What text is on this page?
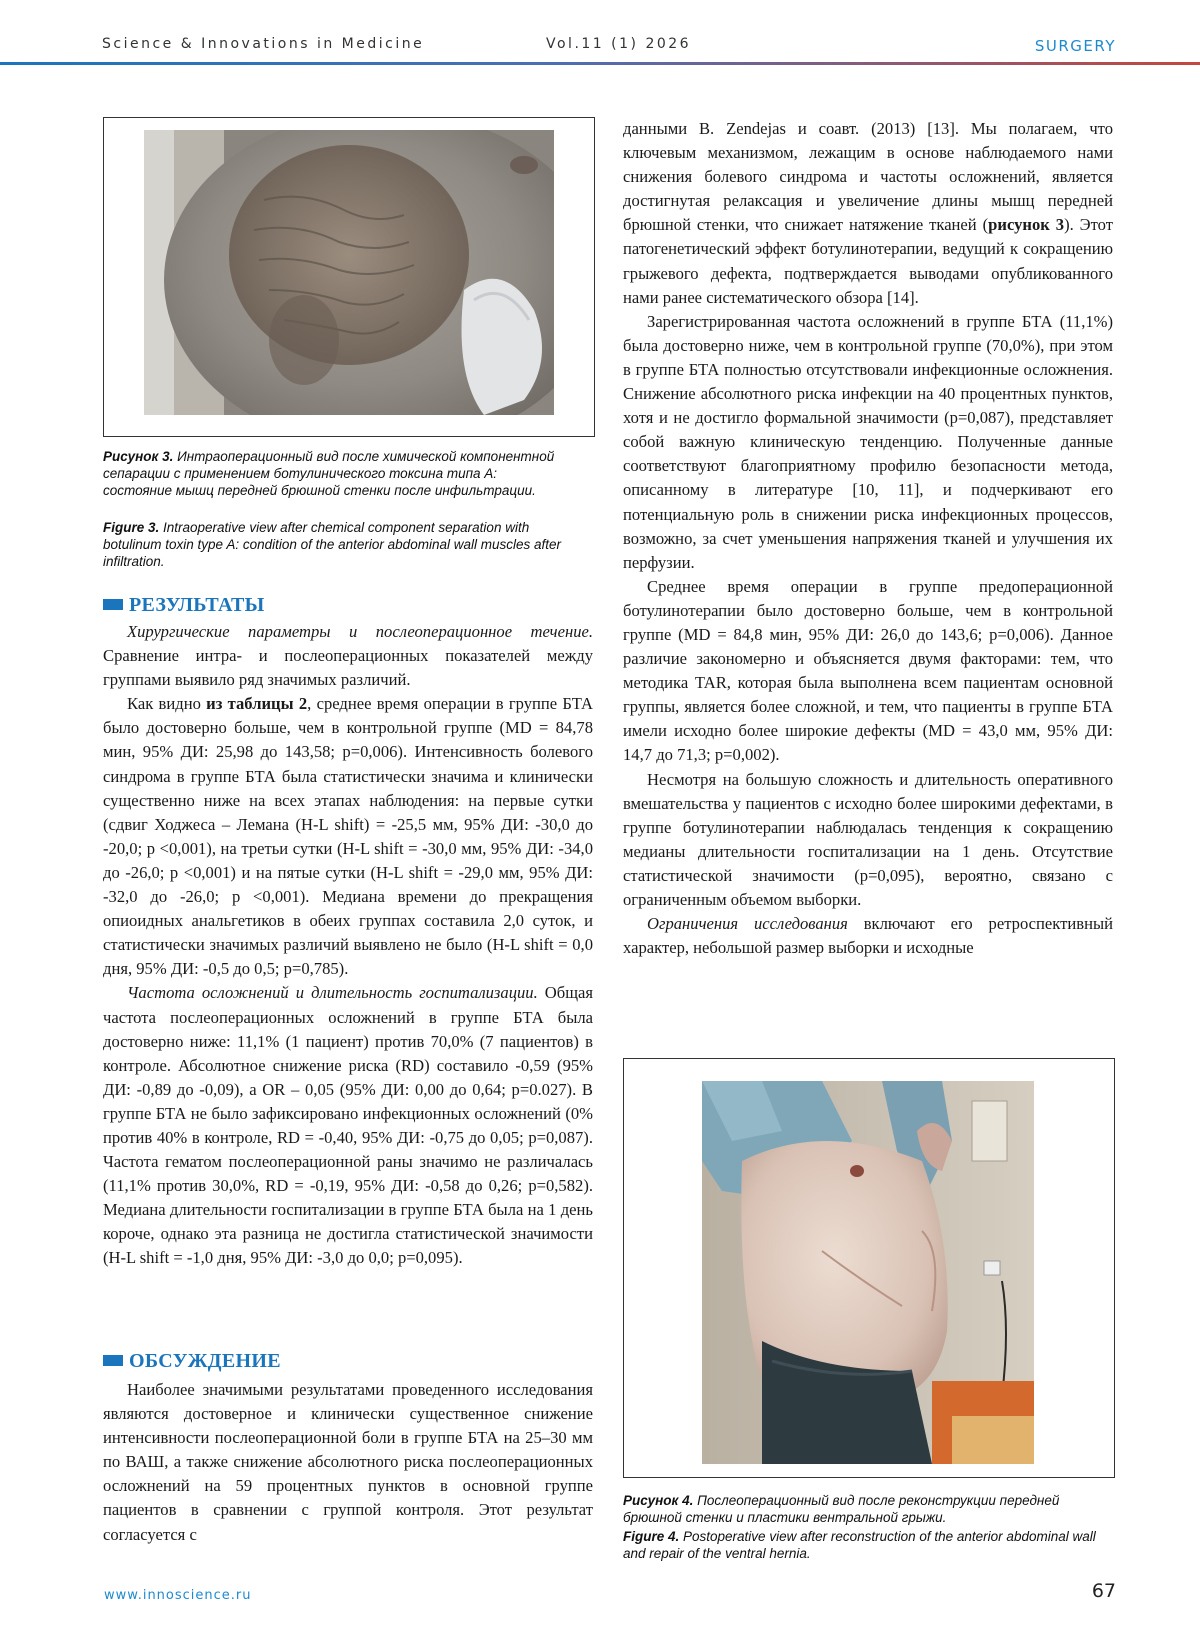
Science & Innovations in Medicine	Vol.11 (1) 2026	SURGERY
Рисунок 3. Интраоперационный вид после химической компонентной сепарации с применением ботулинического токсина типа А: состояние мышц передней брюшной стенки после инфильтрации.
Figure 3. Intraoperative view after chemical component separation with botulinum toxin type A: condition of the anterior abdominal wall muscles after infiltration.
РЕЗУЛЬТАТЫ

Хирургические параметры и послеоперационное течение. Сравнение интра- и послеоперационных показателей между группами выявило ряд значимых различий.

Как видно из таблицы 2, среднее время операции в группе БТА было достоверно больше, чем в контрольной группе (MD = 84,78 мин, 95% ДИ: 25,98 до 143,58; p=0,006). Интенсивность болевого синдрома в группе БТА была статистически значима и клинически существенно ниже на всех этапах наблюдения: на первые сутки (сдвиг Ходжеса – Лемана (H-L shift) = -25,5 мм, 95% ДИ: -30,0 до -20,0; p <0,001), на третьи сутки (H-L shift = -30,0 мм, 95% ДИ: -34,0 до -26,0; p <0,001) и на пятые сутки (H-L shift = -29,0 мм, 95% ДИ: -32,0 до -26,0; p <0,001). Медиана времени до прекращения опиоидных анальгетиков в обеих группах составила 2,0 суток, и статистически значимых различий выявлено не было (H-L shift = 0,0 дня, 95% ДИ: -0,5 до 0,5; p=0,785).

Частота осложнений и длительность госпитализации. Общая частота послеоперационных осложнений в группе БТА была достоверно ниже: 11,1% (1 пациент) против 70,0% (7 пациентов) в контроле. Абсолютное снижение риска (RD) составило -0,59 (95% ДИ: -0,89 до -0,09), а OR – 0,05 (95% ДИ: 0,00 до 0,64; p=0.027). В группе БТА не было зафиксировано инфекционных осложнений (0% против 40% в контроле, RD = -0,40, 95% ДИ: -0,75 до 0,05; p=0,087). Частота гематом послеоперационной раны значимо не различалась (11,1% против 30,0%, RD = -0,19, 95% ДИ: -0,58 до 0,26; p=0,582). Медиана длительности госпитализации в группе БТА была на 1 день короче, однако эта разница не достигла статистической значимости (H-L shift = -1,0 дня, 95% ДИ: -3,0 до 0,0; p=0,095).

ОБСУЖДЕНИЕ

Наиболее значимыми результатами проведенного исследования являются достоверное и клинически существенное снижение интенсивности послеоперационной боли в группе БТА на 25–30 мм по ВАШ, а также снижение абсолютного риска послеоперационных осложнений на 59 процентных пунктов в основной группе пациентов в сравнении с группой контроля. Этот результат согласуется с

данными B. Zendejas и соавт. (2013) [13]. Мы полагаем, что ключевым механизмом, лежащим в основе наблюдаемого нами снижения болевого синдрома и частоты осложнений, является достигнутая релаксация и увеличение длины мышц передней брюшной стенки, что снижает натяжение тканей (рисунок 3). Этот патогенетический эффект ботулинотерапии, ведущий к сокращению грыжевого дефекта, подтверждается выводами опубликованного нами ранее систематического обзора [14].

Зарегистрированная частота осложнений в группе БТА (11,1%) была достоверно ниже, чем в контрольной группе (70,0%), при этом в группе БТА полностью отсутствовали инфекционные осложнения. Снижение абсолютного риска инфекции на 40 процентных пунктов, хотя и не достигло формальной значимости (p=0,087), представляет собой важную клиническую тенденцию. Полученные данные соответствуют благоприятному профилю безопасности метода, описанному в литературе [10, 11], и подчеркивают его потенциальную роль в снижении риска инфекционных процессов, возможно, за счет уменьшения напряжения тканей и улучшения их перфузии.

Среднее время операции в группе предоперационной ботулинотерапии было достоверно больше, чем в контрольной группе (MD = 84,8 мин, 95% ДИ: 26,0 до 143,6; p=0,006). Данное различие закономерно и объясняется двумя факторами: тем, что методика TAR, которая была выполнена всем пациентам основной группы, является более сложной, и тем, что пациенты в группе БТА имели исходно более широкие дефекты (MD = 43,0 мм, 95% ДИ: 14,7 до 71,3; p=0,002).

Несмотря на большую сложность и длительность оперативного вмешательства у пациентов с исходно более широкими дефектами, в группе ботулинотерапии наблюдалась тенденция к сокращению медианы длительности госпитализации на 1 день. Отсутствие статистической значимости (p=0,095), вероятно, связано с ограниченным объемом выборки.

Ограничения исследования включают его ретроспективный характер, небольшой размер выборки и исходные

Рисунок 4. Послеоперационный вид после реконструкции передней брюшной стенки и пластики вентральной грыжи.
Figure 4. Postoperative view after reconstruction of the anterior abdominal wall and repair of the ventral hernia.
www.innoscience.ru	67
